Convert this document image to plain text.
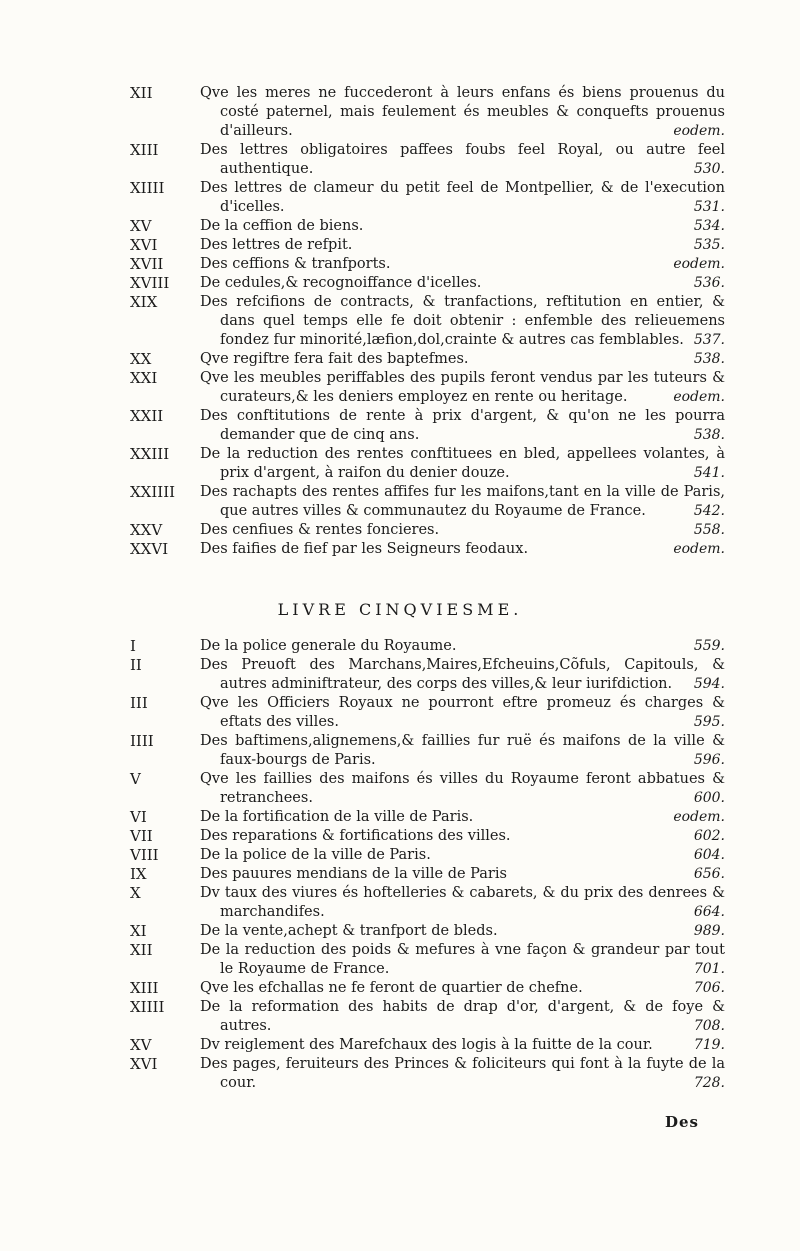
XII	Qve les meres ne fuccederont à leurs enfans és biens prouenus du costé paternel, mais feulement és meubles & conquefts prouenus d'ailleurs.	eodem.
XIII	Des lettres obligatoires paffees foubs feel Royal, ou autre feel authentique.	530.
XIIII Des lettres de clameur du petit feel de Montpellier, & de l'execution d'icelles.	531.
XV	De la ceffion de biens.	534.
XVI	Des lettres de refpit.	535.
XVII	Des ceffions & tranfports.	eodem.
XVIII De cedules,& recognoiffance d'icelles.	536.
XIX	Des refcifions de contracts, & tranfactions, reftitution en entier, & dans quel temps elle fe doit obtenir : enfemble des relieuemens fondez fur minorité,læfion,dol,crainte & autres cas femblables. 537.
XX	Qve regiftre fera fait des baptefmes.	538.
XXI	Qve les meubles periffables des pupils feront vendus par les tuteurs & curateurs,& les deniers employez en rente ou heritage.	eodem.
XXII	Des conftitutions de rente à prix d'argent, & qu'on ne les pourra demander que de cinq ans.	538.
XXIII De la reduction des rentes conftituees en bled, appellees volantes, à prix d'argent, à raifon du denier douze.	541.
XXIIII Des rachapts des rentes affifes fur les maifons,tant en la ville de Paris, que autres villes & communautez du Royaume de France.	542.
XXV	Des cenfiues & rentes foncieres.	558.
XXVI Des faifies de fief par les Seigneurs feodaux.	eodem.
LIVRE CINQVIESME.
I	De la police generale du Royaume.	559.
II	Des Preuoft des Marchans,Maires,Efcheuins,Cõfuls, Capitouls, & autres adminiftrateur, des corps des villes,& leur iurifdiction. 594.
III	Qve les Officiers Royaux ne pourront eftre promeuz és charges & eftats des villes.	595.
IIII	Des baftimens,alignemens,& faillies fur ruë és maifons de la ville & faux-bourgs de Paris.	596.
V	Qve les faillies des maifons és villes du Royaume feront abbatues & retranchees.	600.
VI	De la fortification de la ville de Paris.	eodem.
VII	Des reparations & fortifications des villes.	602.
VIII	De la police de la ville de Paris.	604.
IX	Des pauures mendians de la ville de Paris	656.
X	Dv taux des viures és hoftelleries & cabarets, & du prix des denrees & marchandifes.	664.
XI	De la vente,achept & tranfport de bleds.	989.
XII	De la reduction des poids & mefures à vne façon & grandeur par tout le Royaume de France.	701.
XIII	Qve les efchallas ne fe feront de quartier de chefne.	706.
XIIII De la reformation des habits de drap d'or, d'argent, & de foye & autres.	708.
XV	Dv reiglement des Marefchaux des logis à la fuitte de la cour.	719.
XVI	Des pages, feruiteurs des Princes & foliciteurs qui font à la fuyte de la cour.	728.
Des
